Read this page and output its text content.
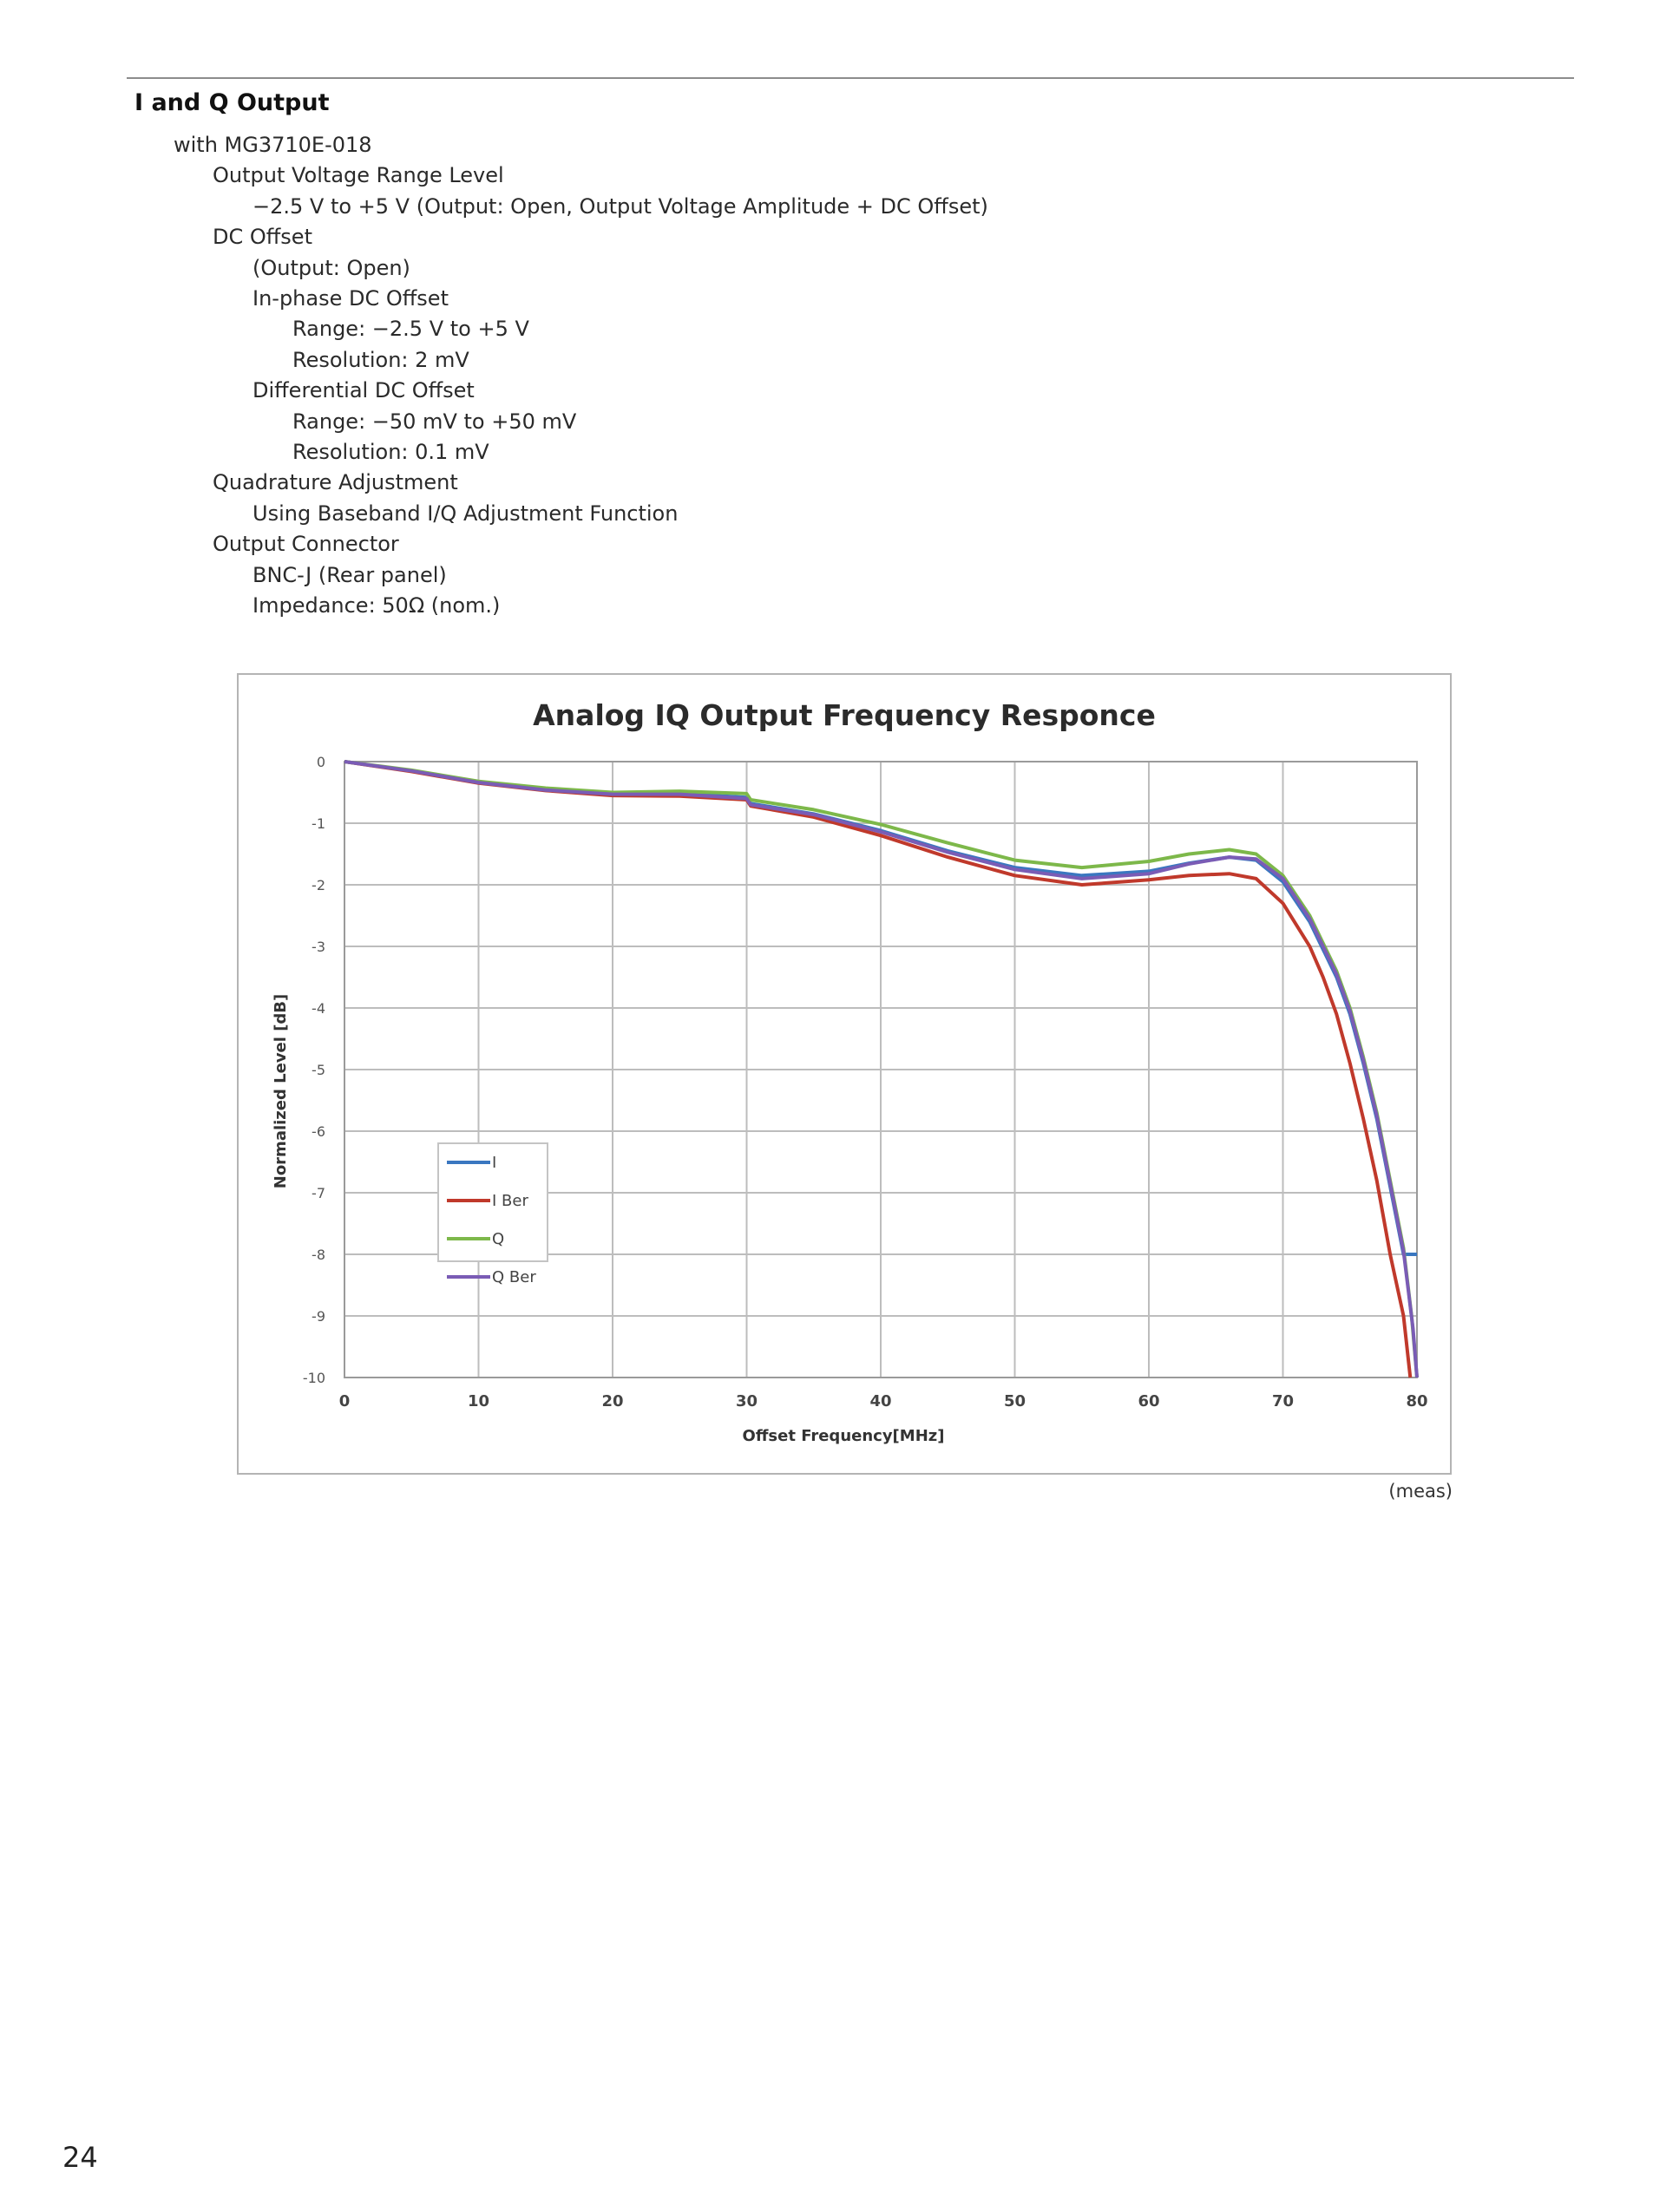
I and Q Output
with MG3710E-018
Output Voltage Range Level
−2.5 V to +5 V (Output: Open, Output Voltage Amplitude + DC Offset)
DC Offset
(Output: Open)
In-phase DC Offset
Range: −2.5 V to +5 V
Resolution: 2 mV
Differential DC Offset
Range: −50 mV to +50 mV
Resolution: 0.1 mV
Quadrature Adjustment
Using Baseband I/Q Adjustment Function
Output Connector
BNC-J (Rear panel)
Impedance: 50Ω (nom.)
0	10	20	30	40	50	60	70	80
0
-1
-2
-3
-4
-5
-6
-7
-8
-9
-10
Analog IQ Output Frequency Responce
Offset Frequency[MHz]
Normalized Level [dB]	I
I Ber
Q
Q Ber
(meas)
24
